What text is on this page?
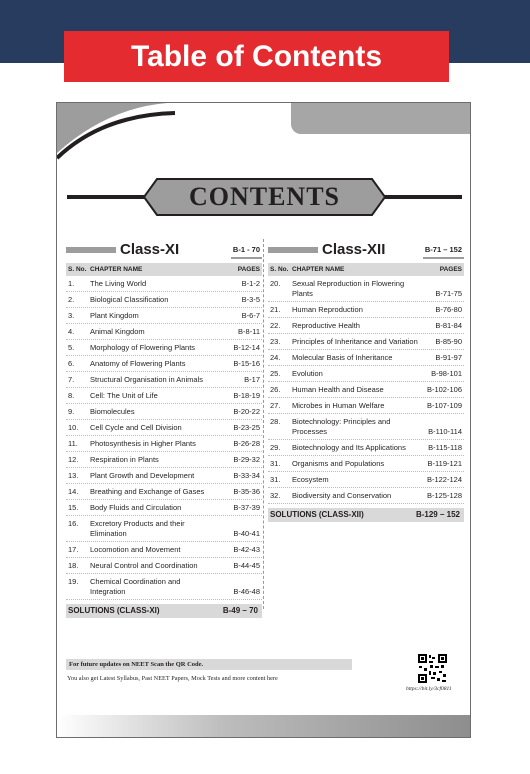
Table of Contents
CONTENTS
Class-XI	B-1 - 70
S. No. CHAPTER NAME	PAGES
1.	The Living World	B-1-2
2.	Biological Classification	B-3-5
3.	Plant Kingdom	B-6-7
4.	Animal Kingdom	B-8-11
5.	Morphology of Flowering Plants	B-12-14
6.	Anatomy of Flowering Plants	B-15-16
7.	Structural Organisation in Animals	B-17
8.	Cell: The Unit of Life	B-18-19
9.	Biomolecules	B-20-22
10.	Cell Cycle and Cell Division	B-23-25
11.	Photosynthesis in Higher Plants	B-26-28
12.	Respiration in Plants	B-29-32
13.	Plant Growth and Development	B-33-34
14.	Breathing and Exchange of Gases	B-35-36
15.	Body Fluids and Circulation	B-37-39
16.	Excretory Products and their Elimination	B-40-41
17.	Locomotion and Movement	B-42-43
18.	Neural Control and Coordination	B-44-45
19.	Chemical Coordination and Integration	B-46-48
SOLUTIONS (CLASS-XI)	B-49 – 70
Class-XII	B-71 – 152
S. No. CHAPTER NAME	PAGES
20.	Sexual Reproduction in Flowering Plants	B-71-75
21.	Human Reproduction	B-76-80
22.	Reproductive Health	B-81-84
23.	Principles of Inheritance and Variation	B-85-90
24.	Molecular Basis of Inheritance	B-91-97
25.	Evolution	B-98-101
26.	Human Health and Disease	B-102-106
27.	Microbes in Human Welfare	B-107-109
28.	Biotechnology: Principles and Processes	B-110-114
29.	Biotechnology and Its Applications	B-115-118
31.	Organisms and Populations	B-119-121
31.	Ecosystem	B-122-124
32.	Biodiversity and Conservation	B-125-128
SOLUTIONS (CLASS-XII)	B-129 – 152
For future updates on NEET Scan the QR Code.
You also get Latest Syllabus, Past NEET Papers, Mock Tests and more content here
https://bit.ly/3cf0811
